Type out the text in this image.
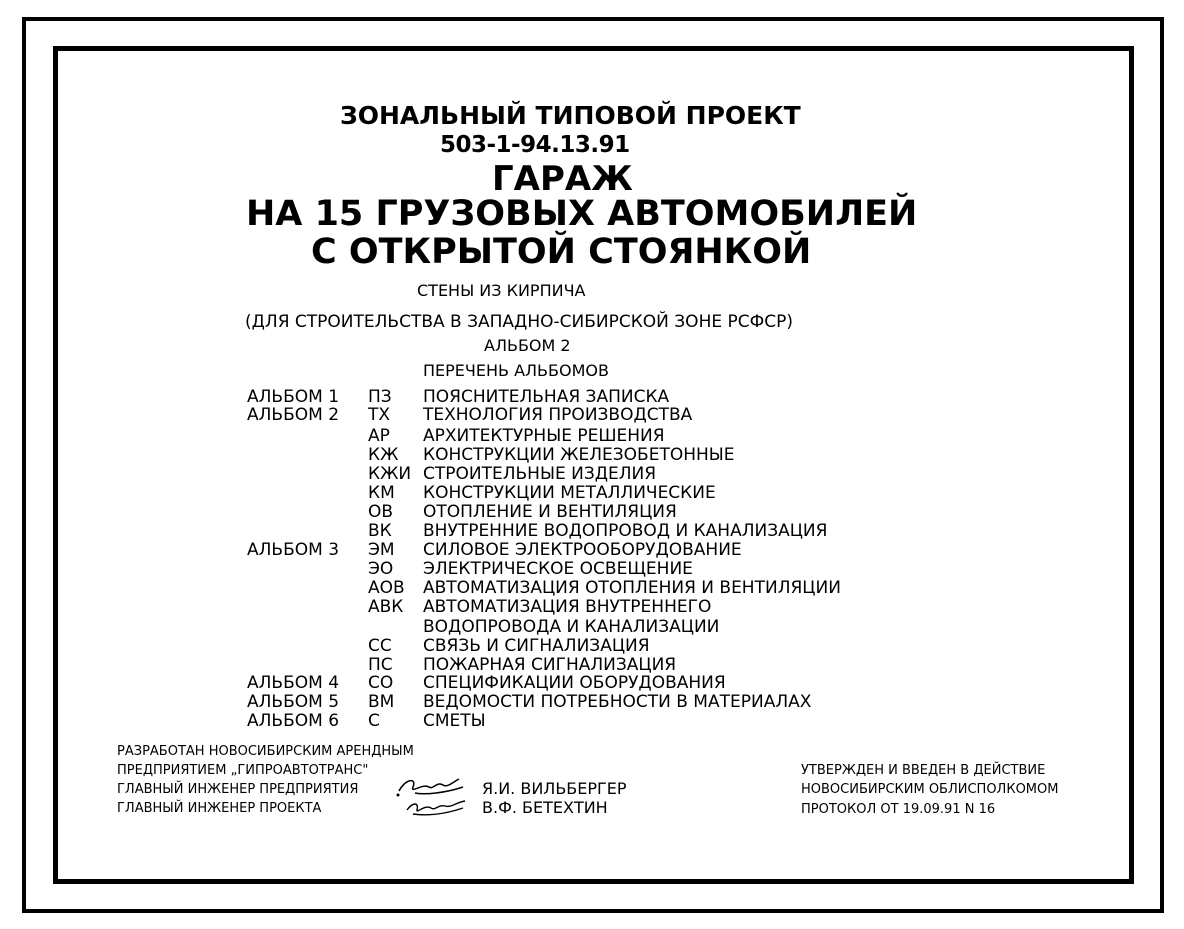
ЗОНАЛЬНЫЙ ТИПОВОЙ ПРОЕКТ
503-1-94.13.91
ГАРАЖ
НА 15 ГРУЗОВЫХ АВТОМОБИЛЕЙ
С ОТКРЫТОЙ СТОЯНКОЙ
СТЕНЫ ИЗ КИРПИЧА
(ДЛЯ СТРОИТЕЛЬСТВА В ЗАПАДНО-СИБИРСКОЙ ЗОНЕ РСФСР)
АЛЬБОМ 2
ПЕРЕЧЕНЬ АЛЬБОМОВ
АЛЬБОМ 1 ПЗ ПОЯСНИТЕЛЬНАЯ ЗАПИСКА
АЛЬБОМ 2 ТХ ТЕХНОЛОГИЯ ПРОИЗВОДСТВА
АР АРХИТЕКТУРНЫЕ РЕШЕНИЯ
КЖ КОНСТРУКЦИИ ЖЕЛЕЗОБЕТОННЫЕ
КЖИ СТРОИТЕЛЬНЫЕ ИЗДЕЛИЯ
КМ КОНСТРУКЦИИ МЕТАЛЛИЧЕСКИЕ
ОВ ОТОПЛЕНИЕ И ВЕНТИЛЯЦИЯ
ВК ВНУТРЕННИЕ ВОДОПРОВОД И КАНАЛИЗАЦИЯ
АЛЬБОМ 3 ЭМ СИЛОВОЕ ЭЛЕКТРООБОРУДОВАНИЕ
ЭО ЭЛЕКТРИЧЕСКОЕ ОСВЕЩЕНИЕ
АОВ АВТОМАТИЗАЦИЯ ОТОПЛЕНИЯ И ВЕНТИЛЯЦИИ
АВК АВТОМАТИЗАЦИЯ ВНУТРЕННЕГО
ВОДОПРОВОДА И КАНАЛИЗАЦИИ
СС СВЯЗЬ И СИГНАЛИЗАЦИЯ
ПС ПОЖАРНАЯ СИГНАЛИЗАЦИЯ
АЛЬБОМ 4 СО СПЕЦИФИКАЦИИ ОБОРУДОВАНИЯ
АЛЬБОМ 5 ВМ ВЕДОМОСТИ ПОТРЕБНОСТИ В МАТЕРИАЛАХ
АЛЬБОМ 6 С	СМЕТЫ
РАЗРАБОТАН НОВОСИБИРСКИМ АРЕНДНЫМ
ПРЕДПРИЯТИЕМ „ГИПРОАВТОТРАНС"
ГЛАВНЫЙ ИНЖЕНЕР ПРЕДПРИЯТИЯ
ГЛАВНЫЙ ИНЖЕНЕР ПРОЕКТА
Я.И. ВИЛЬБЕРГЕР
В.Ф. БЕТЕХТИН
УТВЕРЖДЕН И ВВЕДЕН В ДЕЙСТВИЕ
НОВОСИБИРСКИМ ОБЛИСПОЛКОМОМ
ПРОТОКОЛ ОТ 19.09.91 N 16
